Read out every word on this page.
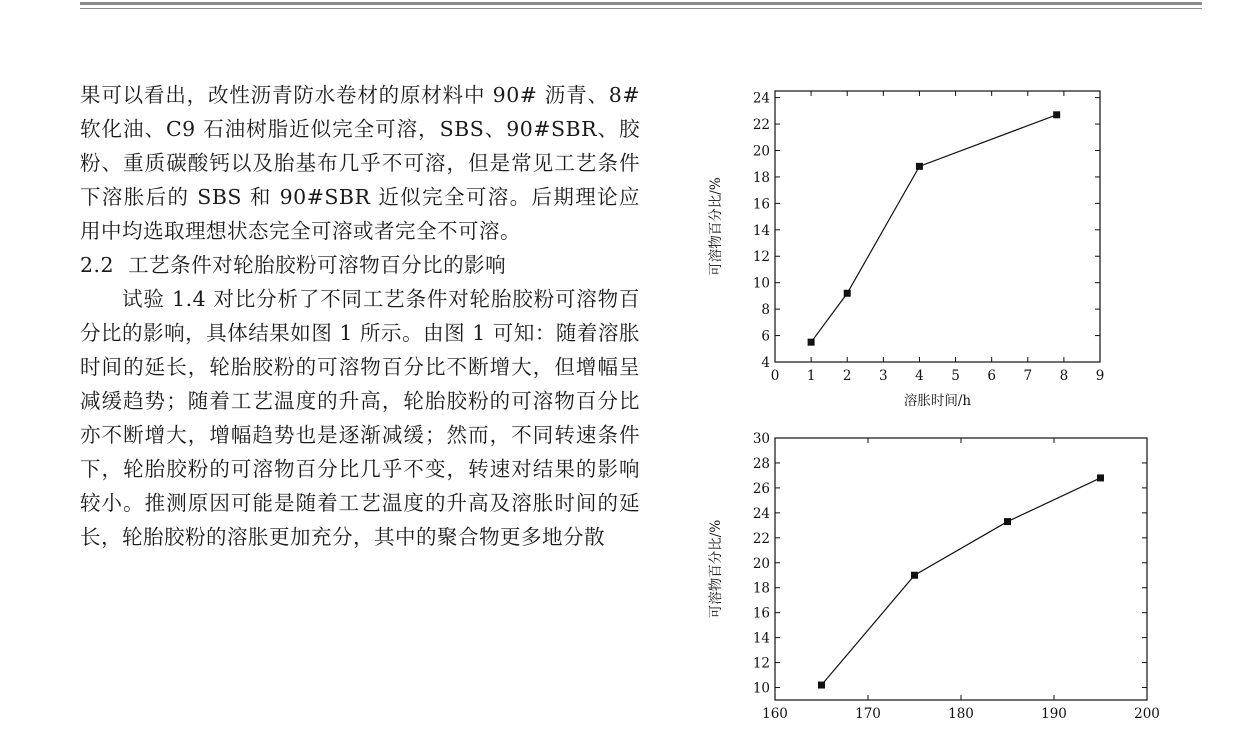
果可以看出，改性沥青防水卷材的原材料中 90# 沥青、8# 软化油、C9 石油树脂近似完全可溶，SBS、90#SBR、胶粉、重质碳酸钙以及胎基布几乎不可溶，但是常见工艺条件下溶胀后的 SBS 和 90#SBR 近似完全可溶。后期理论应用中均选取理想状态完全可溶或者完全不可溶。

2.2 工艺条件对轮胎胶粉可溶物百分比的影响

试验 1.4 对比分析了不同工艺条件对轮胎胶粉可溶物百分比的影响，具体结果如图 1 所示。由图 1 可知：随着溶胀时间的延长，轮胎胶粉的可溶物百分比不断增大，但增幅呈减缓趋势；随着工艺温度的升高，轮胎胶粉的可溶物百分比亦不断增大，增幅趋势也是逐渐减缓；然而，不同转速条件下，轮胎胶粉的可溶物百分比几乎不变，转速对结果的影响较小。推测原因可能是随着工艺温度的升高及溶胀时间的延长，轮胎胶粉的溶胀更加充分，其中的聚合物更多地分散

0 1 2 3 4 5 6 7 8 9
4
6
8
10
12
14
16
18
20
22
24
可溶物百分比/%
溶胀时间/h
160	170	180	190	200
10
12
14
16
18
20
22
24
26
28
30
可溶物百分比/%
